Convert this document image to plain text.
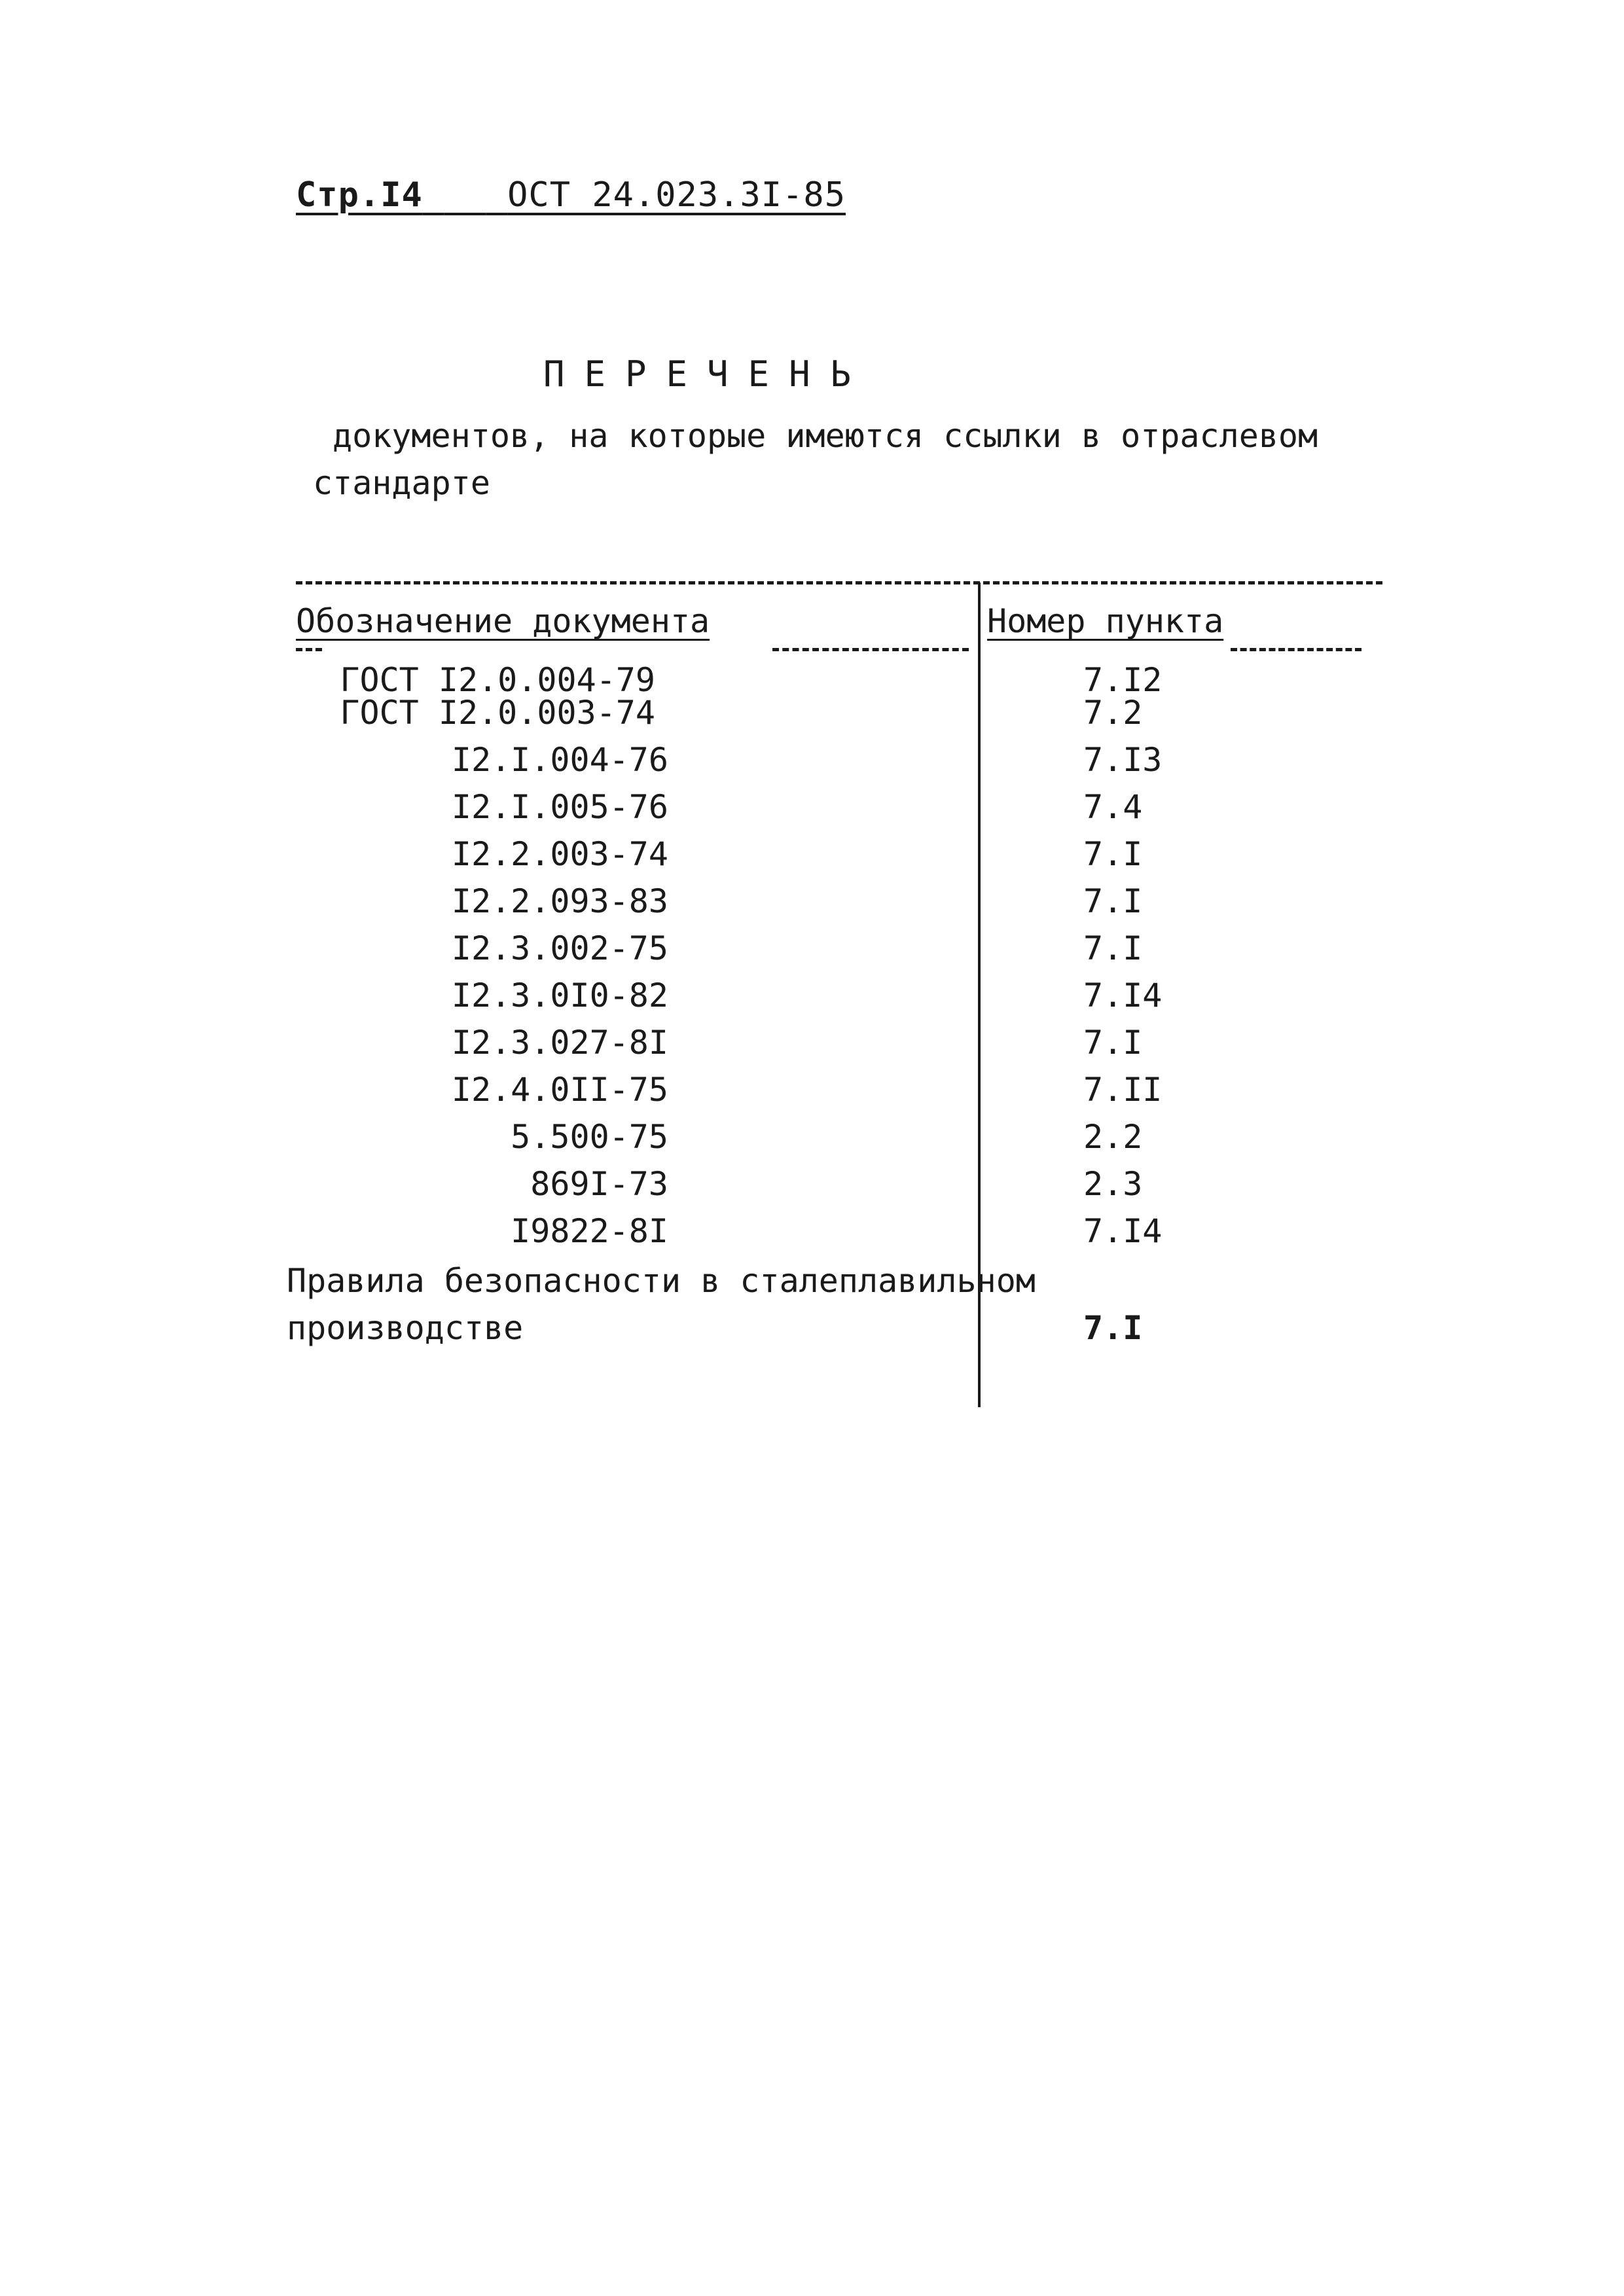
Стр.I4 ОСТ 24.023.3I-85
ПЕРЕЧЕНЬ
документов, на которые имеются ссылки в отраслевом стандарте
Обозначение документа	Номер пункта
ГОСТ I2.0.004-79	7.I2
ГОСТ I2.0.003-74	7.2
I2.I.004-76	7.I3
I2.I.005-76	7.4
I2.2.003-74	7.I
I2.2.093-83	7.I
I2.3.002-75	7.I
I2.3.0I0-82	7.I4
I2.3.027-8I	7.I
I2.4.0II-75	7.II
5.500-75	2.2
869I-73	2.3
I9822-8I	7.I4
Правила безопасности в сталеплавильном
производстве	7.I
